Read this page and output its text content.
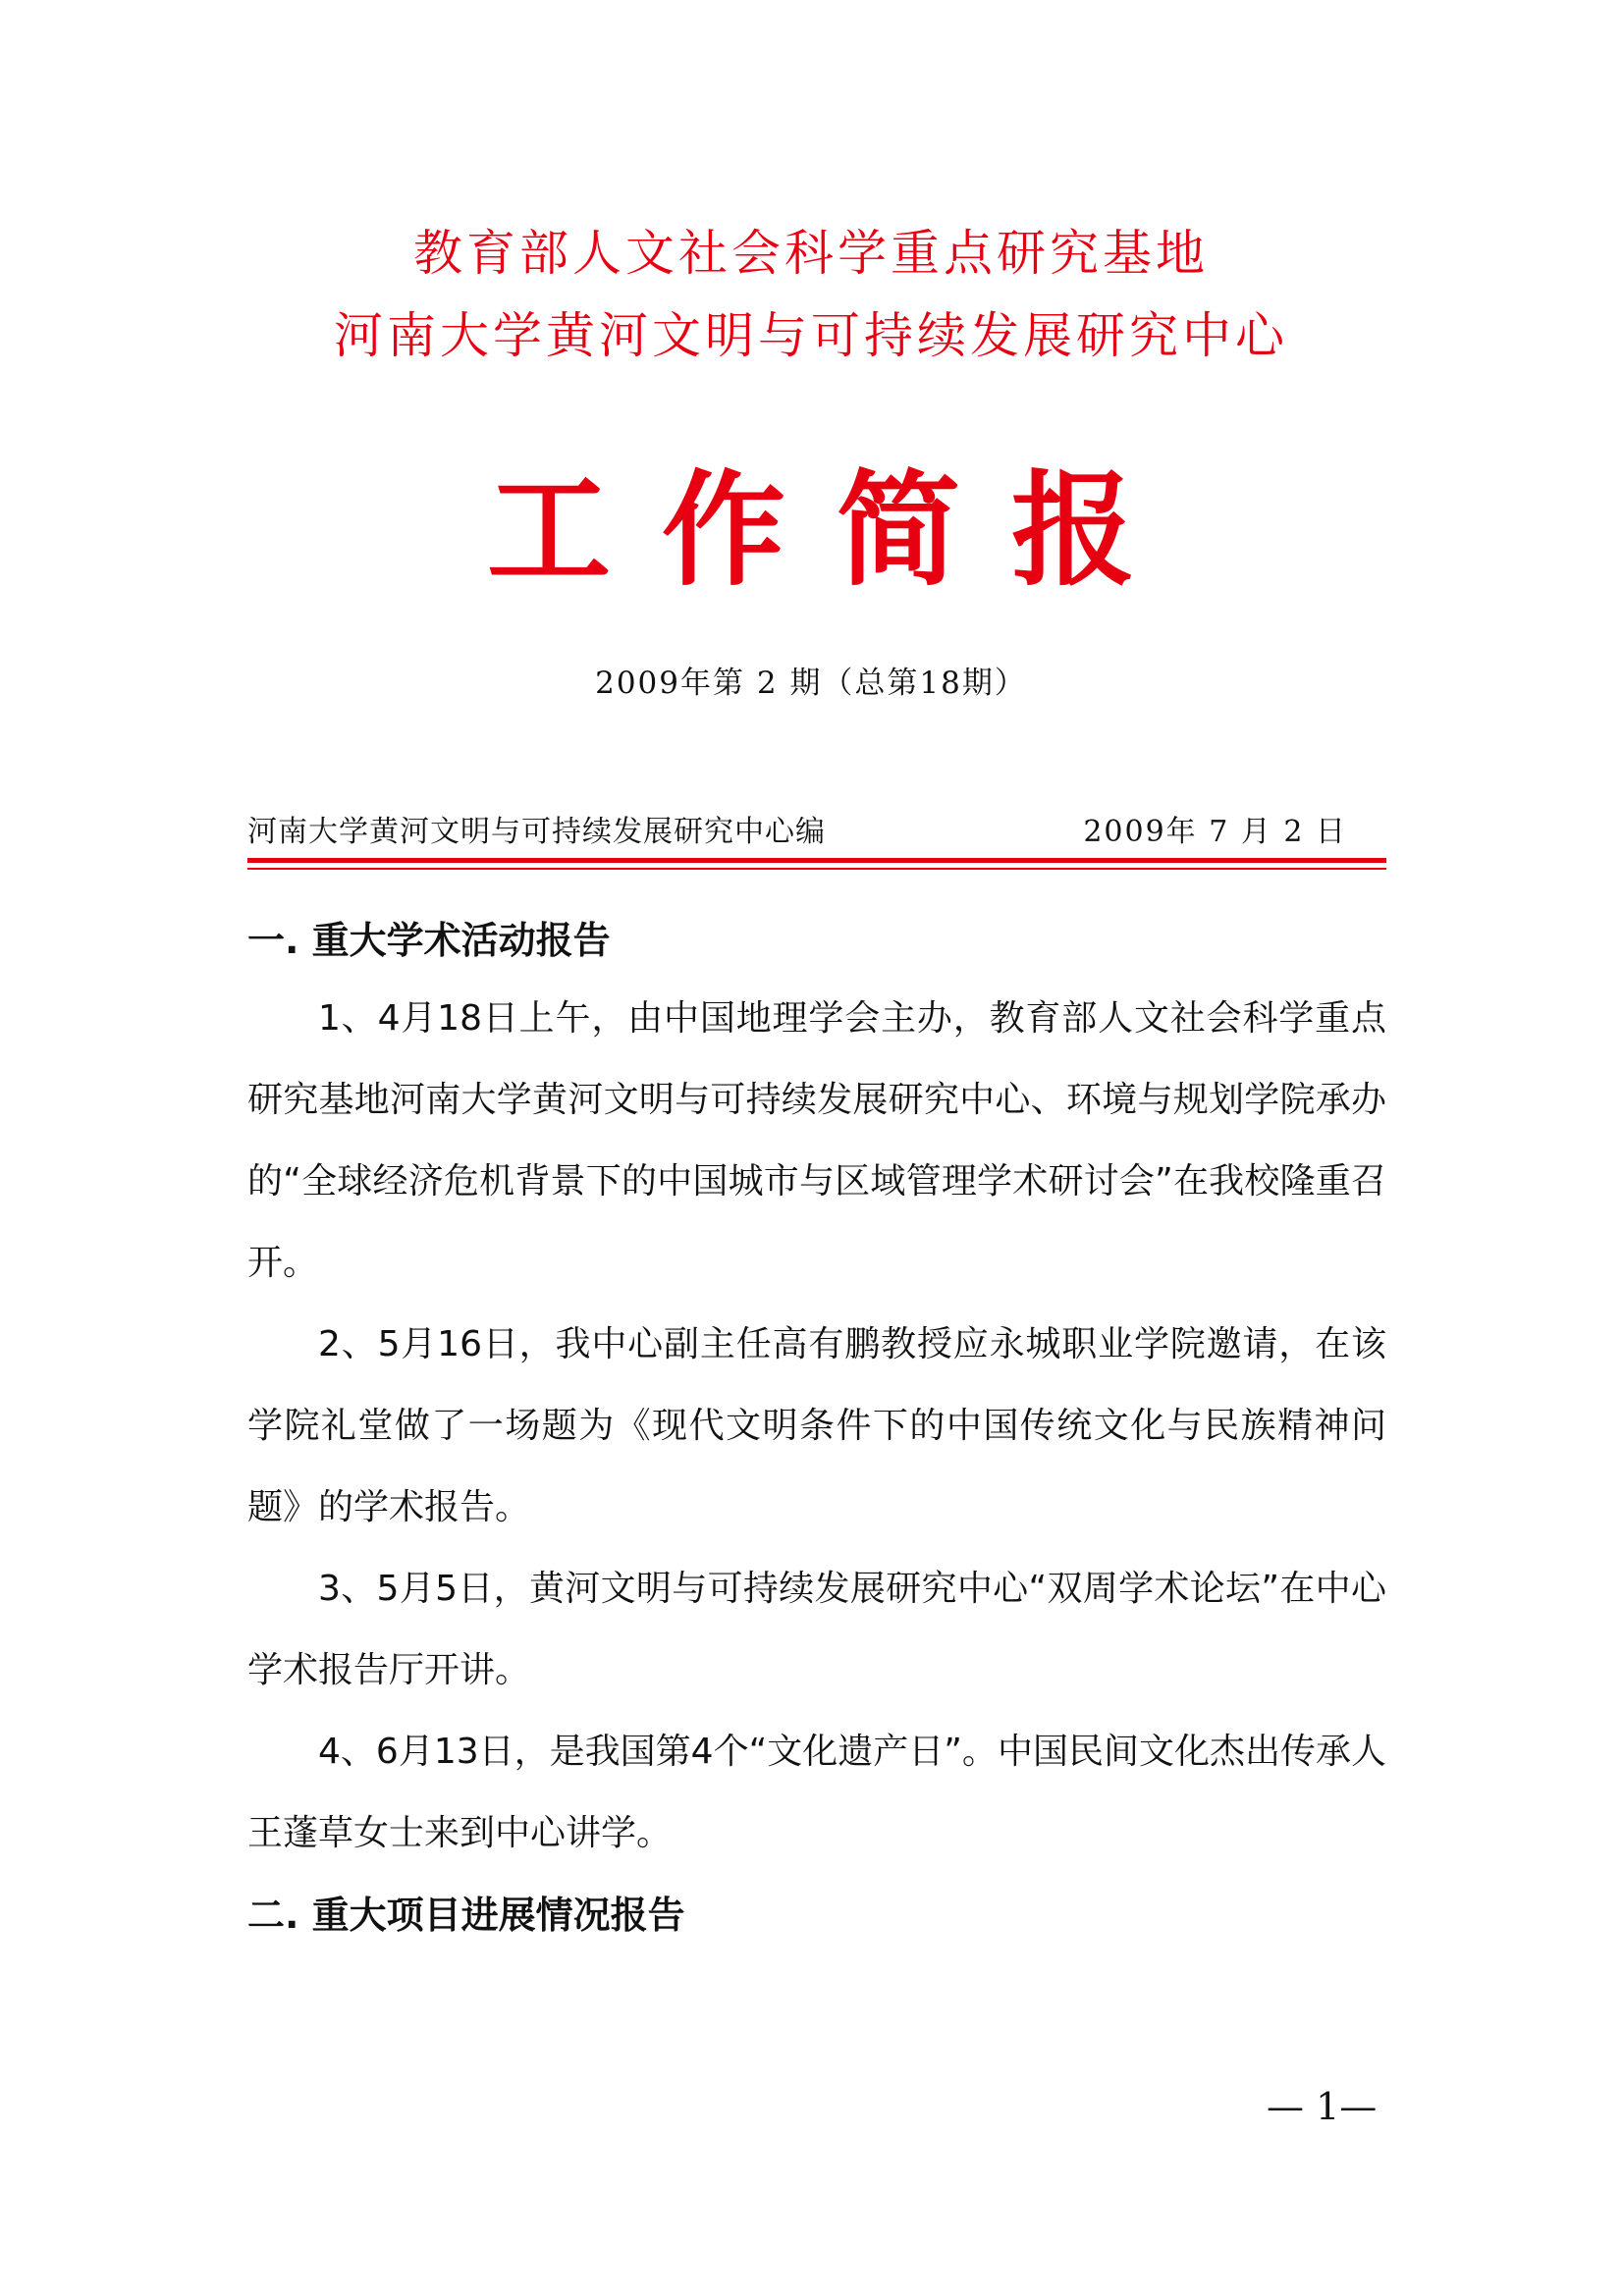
教育部人文社会科学重点研究基地
河南大学黄河文明与可持续发展研究中心
工作简报
2009年第 2 期（总第18期）
河南大学黄河文明与可持续发展研究中心编	2009年 7 月 2 日
一. 重大学术活动报告

1、4月18日上午，由中国地理学会主办，教育部人文社会科学重点研究基地河南大学黄河文明与可持续发展研究中心、环境与规划学院承办的“全球经济危机背景下的中国城市与区域管理学术研讨会”在我校隆重召开。

2、5月16日，我中心副主任高有鹏教授应永城职业学院邀请，在该学院礼堂做了一场题为《现代文明条件下的中国传统文化与民族精神问题》的学术报告。

3、5月5日，黄河文明与可持续发展研究中心“双周学术论坛”在中心学术报告厅开讲。

4、6月13日，是我国第4个“文化遗产日”。中国民间文化杰出传承人王蓬草女士来到中心讲学。

二. 重大项目进展情况报告
— 1—
